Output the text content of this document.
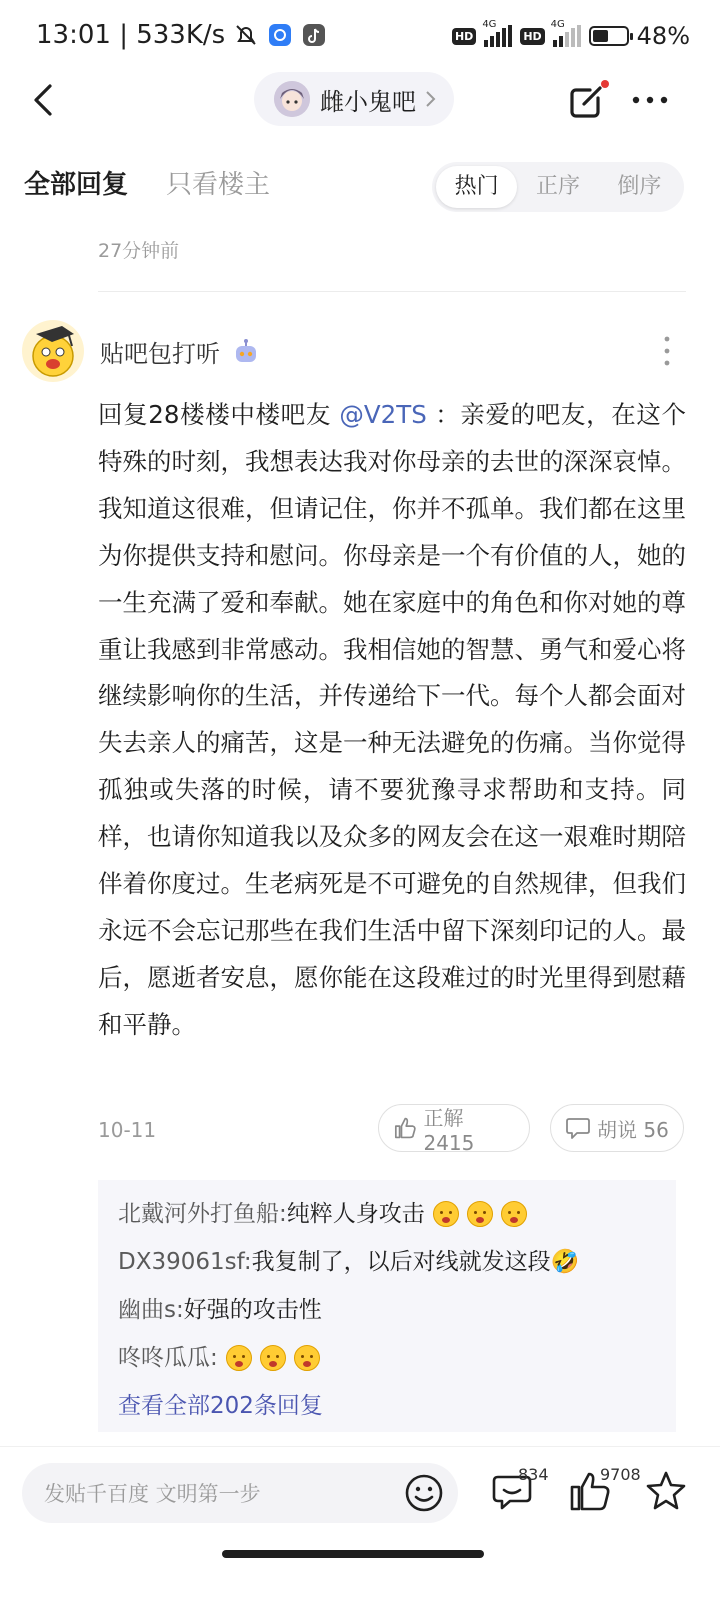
13:01 | 533K/s	HD
4G
HD
4G	48%
雌小鬼吧
全部回复 只看楼主	热门	正序	倒序
27分钟前
贴吧包打听
回复28楼楼中楼吧友 @V2TS ：亲爱的吧友，在这个特殊的时刻，我想表达我对你母亲的去世的深深哀悼。我知道这很难，但请记住，你并不孤单。我们都在这里为你提供支持和慰问。你母亲是一个有价值的人，她的一生充满了爱和奉献。她在家庭中的角色和你对她的尊重让我感到非常感动。我相信她的智慧、勇气和爱心将继续影响你的生活，并传递给下一代。每个人都会面对失去亲人的痛苦，这是一种无法避免的伤痛。当你觉得孤独或失落的时候，请不要犹豫寻求帮助和支持。同样，也请你知道我以及众多的网友会在这一艰难时期陪伴着你度过。生老病死是不可避免的自然规律，但我们永远不会忘记那些在我们生活中留下深刻印记的人。最后，愿逝者安息，愿你能在这段难过的时光里得到慰藉和平静。
10-11
正解 2415
胡说 56
北戴河外打鱼船: 纯粹人身攻击
DX39061sf: 我复制了，以后对线就发这段🤣
幽曲s: 好强的攻击性
咚咚瓜瓜:
查看全部202条回复
发贴千百度 文明第一步
834	9708
